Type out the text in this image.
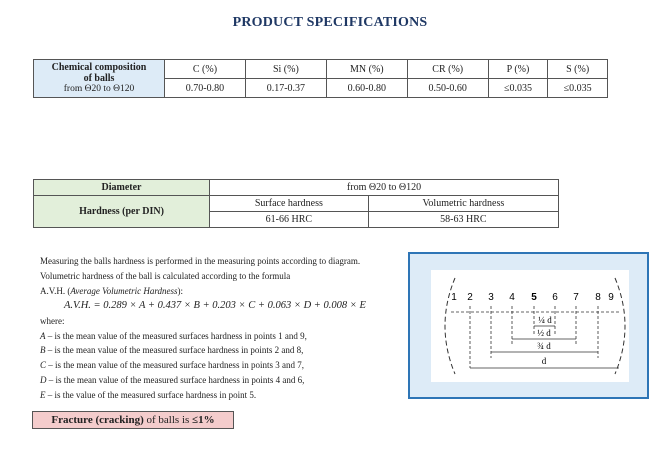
PRODUCT SPECIFICATIONS
Chemical composition
of balls
from Θ20 to Θ120	C (%)	Si (%)	MN (%)	CR (%)	P (%)	S (%)
	0.70-0.80	0.17-0.37	0.60-0.80	0.50-0.60	≤0.035	≤0.035
Diameter	from Θ20 to Θ120	
Hardness (per DIN)	Surface hardness	Volumetric hardness
	61-66 HRC	58-63 HRC
Measuring the balls hardness is performed in the measuring points according to diagram.
Volumetric hardness of the ball is calculated according to the formula
A.V.H. (Average Volumetric Hardness):
A.V.H. = 0.289 × A + 0.437 × B + 0.203 × C + 0.063 × D + 0.008 × E
where:
A – is the mean value of the measured surfaces hardness in points 1 and 9,
B – is the mean value of the measured surface hardness in points 2 and 8,
C – is the mean value of the measured surface hardness in points 3 and 7,
D – is the mean value of the measured surface hardness in points 4 and 6,
E – is the value of the measured surface hardness in point 5.
1 2 3 4 5 6 7 8 9
¼ d
½ d
¾ d
d
Fracture (cracking) of balls is ≤1%
